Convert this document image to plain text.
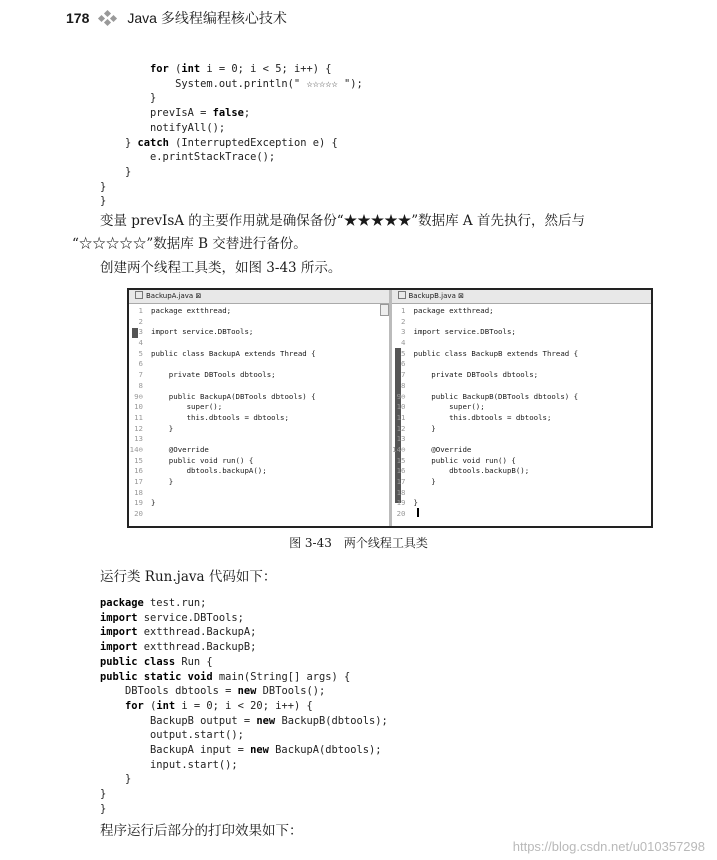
178	Java 多线程编程核心技术
for (int i = 0; i < 5; i++) {
System.out.println(" ☆☆☆☆☆ ");
}
prevIsA = false;
notifyAll();
} catch (InterruptedException e) {
e.printStackTrace();
}
}
}

变量 prevIsA 的主要作用就是确保备份“★★★★★”数据库 A 首先执行，然后与
“☆☆☆☆☆”数据库 B 交替进行备份。
创建两个线程工具类，如图 3-43 所示。
BackupA.java ⊠
1 package extthread;
2
3 import service.DBTools;
4
5 public class BackupA extends Thread {
6
7    private DBTools dbtools;
8
9⊖    public BackupA(DBTools dbtools) {
10        super();
11        this.dbtools = dbtools;
12    }
13
14⊖    @Override
15    public void run() {
16        dbtools.backupA();
17    }
18
19 }
20
BackupB.java ⊠
1 package extthread;
2
3 import service.DBTools;
4
5 public class BackupB extends Thread {
6
7    private DBTools dbtools;
8
9⊖    public BackupB(DBTools dbtools) {
10        super();
11        this.dbtools = dbtools;
12    }
13
14⊖    @Override
15    public void run() {
16        dbtools.backupB();
17    }
18
19 }
20
图 3-43　两个线程工具类
运行类 Run.java 代码如下：
package test.run;
import service.DBTools;
import extthread.BackupA;
import extthread.BackupB;
public class Run {
public static void main(String[] args) {
DBTools dbtools = new DBTools();
for (int i = 0; i < 20; i++) {
BackupB output = new BackupB(dbtools);
output.start();
BackupA input = new BackupA(dbtools);
input.start();
}
}
}

程序运行后部分的打印效果如下：
https://blog.csdn.net/u010357298
